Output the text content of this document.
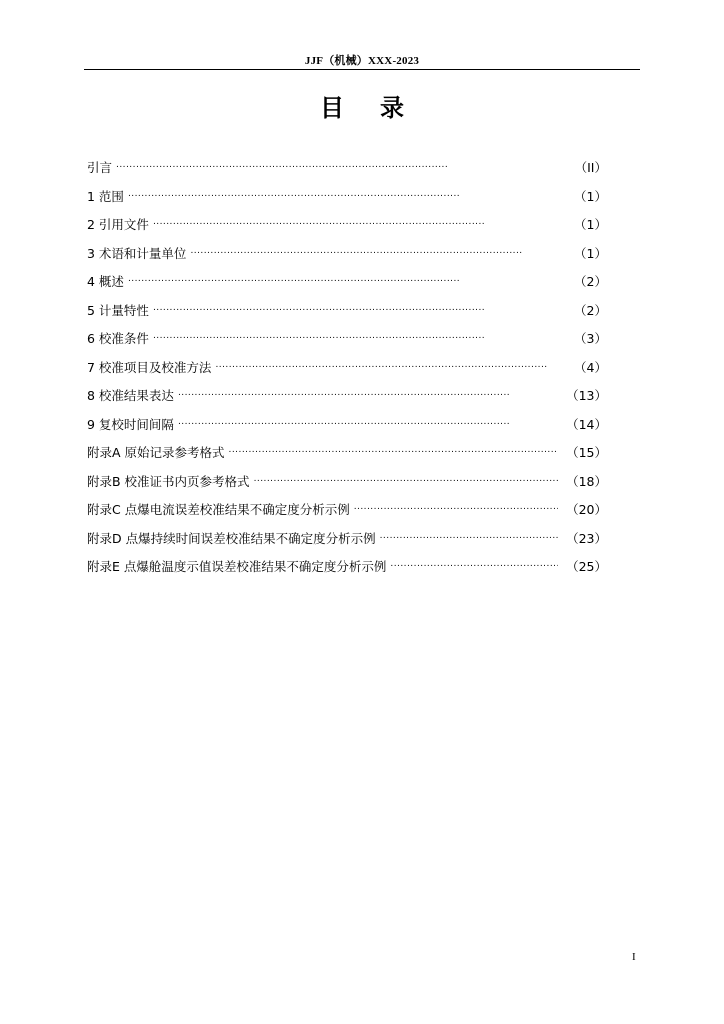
JJF（机械）XXX-2023
目 录
引言 . . .	（II）
1 范围 . . .	（1）
2 引用文件 . . .	（1）
3 术语和计量单位 . . .	（1）
4 概述 . . .	（2）
5 计量特性 . . .	（2）
6 校准条件 . . .	（3）
7 校准项目及校准方法 . . .	（4）
8 校准结果表达 . . .	（13）
9 复校时间间隔 . . .	（14）
附录A 原始记录参考格式 . . .	（15）
附录B 校准证书内页参考格式 . . .	（18）
附录C 点爆电流误差校准结果不确定度分析示例 . . .	（20）
附录D 点爆持续时间误差校准结果不确定度分析示例 . . .	（23）
附录E 点爆舱温度示值误差校准结果不确定度分析示例 . . .	（25）
I
